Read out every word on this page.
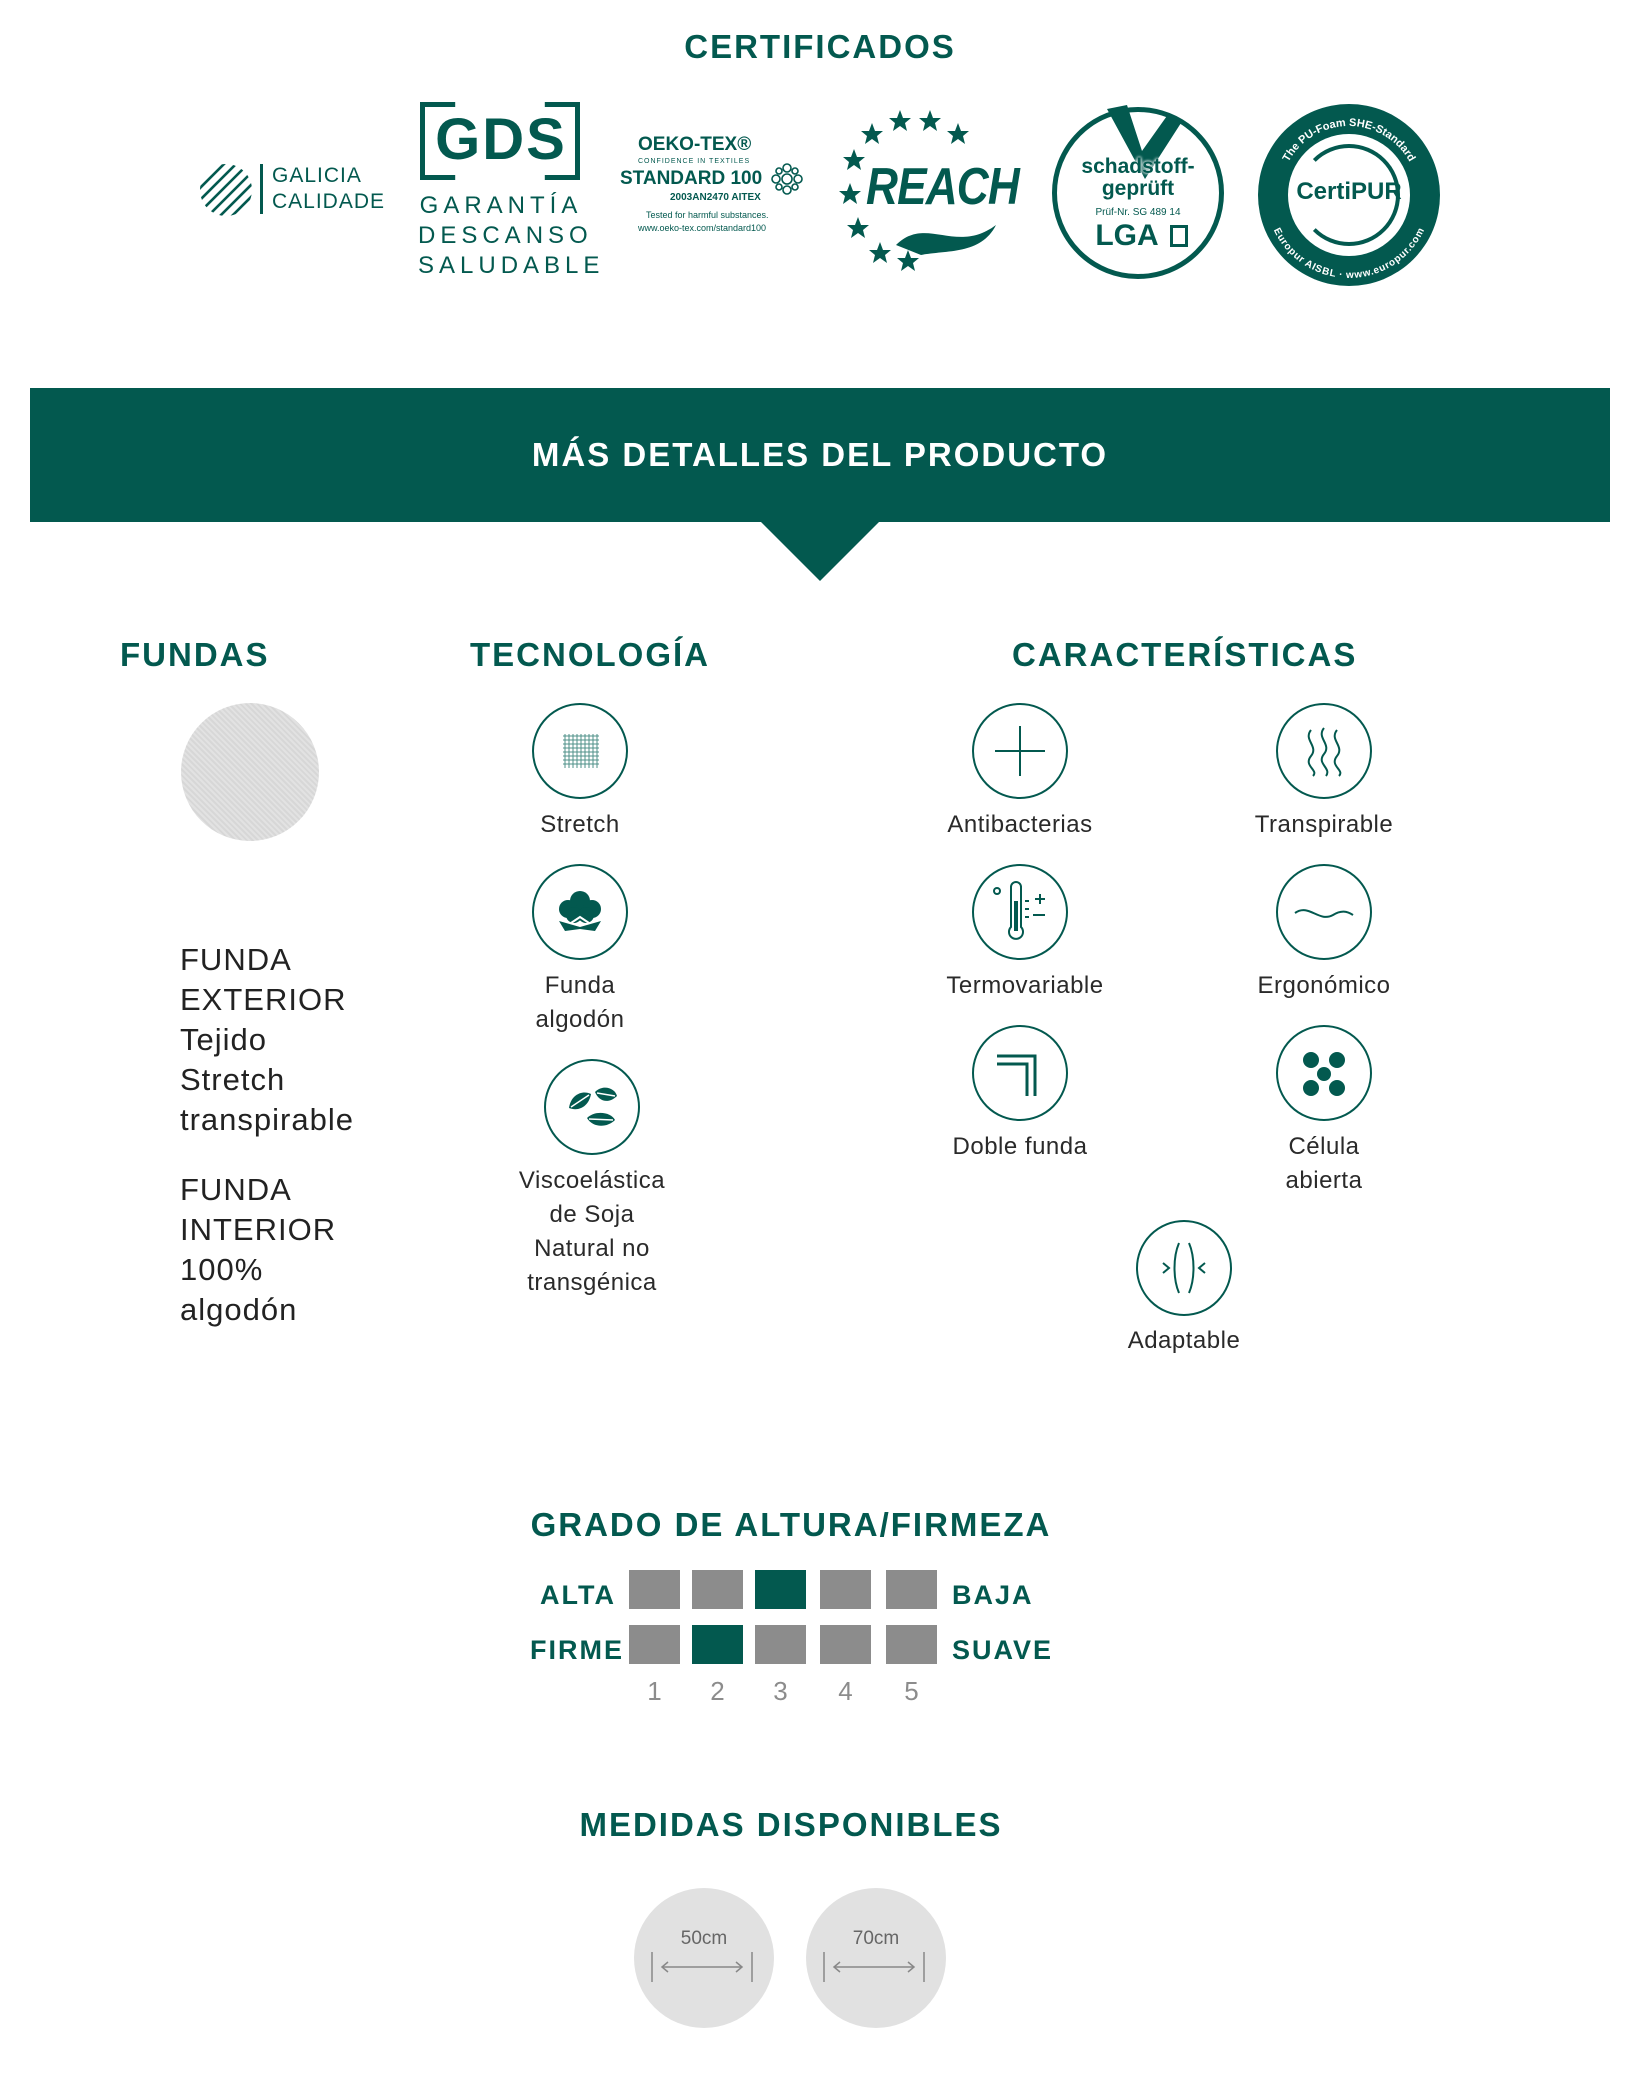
CERTIFICADOS
GALICIA
CALIDADE
GDS
GARANTÍA
DESCANSO
SALUDABLE
OEKO-TEX®
CONFIDENCE IN TEXTILES
STANDARD 100
2003AN2470 AITEX
Tested for harmful substances.
www.oeko-tex.com/standard100
REACH	schadstoff-
geprüft
Prüf-Nr. SG 489 14
LGA
The PU-Foam SHE-Standard
Europur AISBL · www.europur.com
CertiPUR
MÁS DETALLES DEL PRODUCTO
FUNDAS
FUNDA
EXTERIOR
Tejido
Stretch
transpirable
FUNDA
INTERIOR
100%
algodón
TECNOLOGÍA
Stretch
Funda
algodón
Viscoelástica
de Soja
Natural no
transgénica
CARACTERÍSTICAS
Antibacterias	Transpirable
Termovariable	Ergonómico
Doble funda	Célula
abierta
Adaptable
GRADO DE ALTURA/FIRMEZA
ALTA	BAJA
FIRME	SUAVE
1	2	3	4	5
MEDIDAS DISPONIBLES
50cm	70cm
